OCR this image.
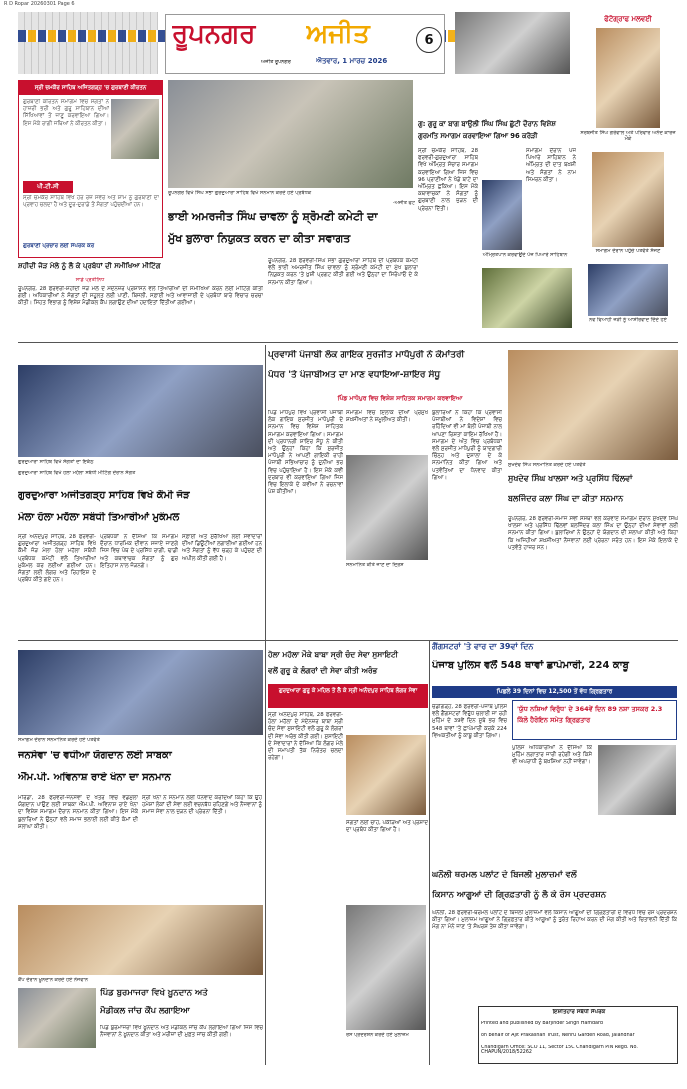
R D Ropar 20260301 Page 6
ਰੂਪਨਗਰ	ਅਜੀਤ
ਅਜੀਤ ਰੂਪਨਗਰ	ਐਤਵਾਰ, 1 ਮਾਰਚ 2026
6
ਫੋਟੋਗ੍ਰਾਫ ਮਲਵਈ
ਸਰਬਜੀਤ ਸਿੰਘ ਗਰੇਵਾਲ ਅਤੇ ਪਰਿਵਾਰ ਅਨੰਦ ਕਾਰਜ ਮੌਕੇ
ਸਮਾਗਮ ਦੌਰਾਨ ਪਹੁੰਚੇ ਪਤਵੰਤੇ ਸੱਜਣ
ਨਵ ਵਿਆਹੀ ਜੋੜੀ ਨੂੰ ਆਸ਼ੀਰਵਾਦ ਦਿੰਦੇ ਹੋਏ
ਸ੍ਰੀ ਚਮਕੌਰ ਸਾਹਿਬ ਅਜਿਤਗੜ੍ਹ 'ਚ ਗੁਰਬਾਣੀ ਕੀਰਤਨ
ਗੁਰਬਾਣੀ ਕੀਰਤਨ ਸਮਾਗਮ ਵਿਚ ਸੰਗਤਾਂ ਨੇ ਹਾਜ਼ਰੀ ਭਰੀ ਅਤੇ ਗੁਰੂ ਸਾਹਿਬਾਨ ਦੀਆਂ ਸਿੱਖਿਆਵਾਂ ਤੋਂ ਜਾਣੂ ਕਰਵਾਇਆ ਗਿਆ। ਇਸ ਮੌਕੇ ਰਾਗੀ ਜਥਿਆਂ ਨੇ ਕੀਰਤਨ ਕੀਤਾ।
ਪੀ.ਟੀ.ਸੀ
ਸ੍ਰੀ ਚਮਕੌਰ ਸਾਹਿਬ ਵਿਖੇ ਹਰ ਰੋਜ਼ ਸਵੇਰੇ ਅਤੇ ਸ਼ਾਮ ਨੂੰ ਗੁਰਬਾਣੀ ਦਾ ਪ੍ਰਵਾਹ ਚਲਦਾ ਹੈ ਅਤੇ ਦੂਰ-ਦੁਰਾਡੇ ਤੋਂ ਸੰਗਤਾਂ ਪਹੁੰਚਦੀਆਂ ਹਨ।
ਗੁਰਬਾਣੀ ਪ੍ਰਚਾਰ ਲਈ ਸੰਪਰਕ ਕਰੋ
ਸ਼ਹੀਦੀ ਜੋੜ ਮੇਲੇ ਨੂੰ ਲੈ ਕੇ ਪ੍ਰਬੰਧਾਂ ਦੀ ਸਮੀਖਿਆ ਮੀਟਿੰਗ
ਸਾਡੇ ਪ੍ਰਤੀਨਿਧ
ਰੂਪਨਗਰ, 28 ਫਰਵਰੀ-ਸ਼ਹੀਦੀ ਜੋੜ ਮੇਲੇ ਦੇ ਮੱਦੇਨਜ਼ਰ ਪ੍ਰਸ਼ਾਸਨ ਵਲੋਂ ਤਿਆਰੀਆਂ ਦੀ ਸਮੀਖਿਆ ਕਰਨ ਲਈ ਮੀਟਿੰਗ ਕੀਤੀ ਗਈ। ਅਧਿਕਾਰੀਆਂ ਨੇ ਸੰਗਤਾਂ ਦੀ ਸਹੂਲਤ ਲਈ ਪਾਣੀ, ਬਿਜਲੀ, ਸਫ਼ਾਈ ਅਤੇ ਆਵਾਜਾਈ ਦੇ ਪ੍ਰਬੰਧਾਂ ਬਾਰੇ ਵਿਚਾਰ ਚਰਚਾ ਕੀਤੀ। ਸਿਹਤ ਵਿਭਾਗ ਨੂੰ ਵਿਸ਼ੇਸ਼ ਮੈਡੀਕਲ ਕੈਂਪ ਲਗਾਉਣ ਦੀਆਂ ਹਦਾਇਤਾਂ ਦਿੱਤੀਆਂ ਗਈਆਂ।
ਰੂਪਨਗਰ ਵਿਖੇ ਸਿੰਘ ਸਭਾ ਗੁਰਦੁਆਰਾ ਸਾਹਿਬ ਵਿਖੇ ਸਨਮਾਨ ਕਰਦੇ ਹੋਏ ਪ੍ਰਬੰਧਕ
-ਅਜੀਤ ਫੋਟੋ
ਭਾਈ ਅਮਰਜੀਤ ਸਿੰਘ ਚਾਵਲਾ ਨੂੰ ਸ਼੍ਰੋਮਣੀ ਕਮੇਟੀ ਦਾ
ਮੁੱਖ ਬੁਲਾਰਾ ਨਿਯੁਕਤ ਕਰਨ ਦਾ ਕੀਤਾ ਸਵਾਗਤ
ਰੂਪਨਗਰ, 28 ਫਰਵਰੀ-ਸਿੰਘ ਸਭਾ ਗੁਰਦੁਆਰਾ ਸਾਹਿਬ ਦੀ ਪ੍ਰਬੰਧਕ ਕਮੇਟੀ ਵਲੋਂ ਭਾਈ ਅਮਰਜੀਤ ਸਿੰਘ ਚਾਵਲਾ ਨੂੰ ਸ਼੍ਰੋਮਣੀ ਕਮੇਟੀ ਦਾ ਮੁੱਖ ਬੁਲਾਰਾ ਨਿਯੁਕਤ ਕਰਨ 'ਤੇ ਖ਼ੁਸ਼ੀ ਪ੍ਰਗਟ ਕੀਤੀ ਗਈ ਅਤੇ ਉਨ੍ਹਾਂ ਦਾ ਸਿਰੋਪਾਓ ਦੇ ਕੇ ਸਨਮਾਨ ਕੀਤਾ ਗਿਆ।
ਗੁ: ਗੁਰੂ ਕਾ ਬਾਗ ਬਾਉਲੀ ਸਿੰਘ ਸਿੰਘ ਛੁੱਟੀ ਦੌਰਾਨ ਵਿਸ਼ੇਸ਼ ਗੁਰਮਤਿ ਸਮਾਗਮ ਕਰਵਾਇਆ ਗਿਆ 96 ਕਰੋੜੀ
ਸ੍ਰੀ ਚਮਕੌਰ ਸਾਹਿਬ, 28 ਫਰਵਰੀ-ਗੁਰਦੁਆਰਾ ਸਾਹਿਬ ਵਿਖੇ ਅੰਮ੍ਰਿਤ ਸੰਚਾਰ ਸਮਾਗਮ ਕਰਵਾਇਆ ਗਿਆ ਜਿਸ ਵਿਚ 96 ਪ੍ਰਾਣੀਆਂ ਨੇ ਖੰਡੇ ਬਾਟੇ ਦਾ ਅੰਮ੍ਰਿਤ ਛਕਿਆ। ਇਸ ਮੌਕੇ ਕਥਾਵਾਚਕਾਂ ਨੇ ਸੰਗਤਾਂ ਨੂੰ ਗੁਰਬਾਣੀ ਨਾਲ ਜੁੜਨ ਦੀ ਪ੍ਰੇਰਨਾ ਦਿੱਤੀ।
ਸਮਾਗਮ ਦੌਰਾਨ ਪੰਜ ਪਿਆਰੇ ਸਾਹਿਬਾਨ ਨੇ ਅੰਮ੍ਰਿਤ ਦੀ ਦਾਤ ਬਖ਼ਸ਼ੀ ਅਤੇ ਸੰਗਤਾਂ ਨੇ ਨਾਮ ਸਿਮਰਨ ਕੀਤਾ।
ਅੰਮ੍ਰਿਤਪਾਨ ਕਰਵਾਉਂਦੇ ਪੰਜ ਪਿਆਰੇ ਸਾਹਿਬਾਨ
ਗੁਰਦੁਆਰਾ ਸਾਹਿਬ ਵਿਖੇ ਸੰਗਤਾਂ ਦਾ ਇਕੱਠ
ਪ੍ਰਵਾਸੀ ਪੰਜਾਬੀ ਲੋਕ ਗਾਇਕ ਸੁਰਜੀਤ ਮਾਧੋਪੁਰੀ ਨੇ ਕੌਮਾਂਤਰੀ
ਪੱਧਰ 'ਤੇ ਪੰਜਾਬੀਅਤ ਦਾ ਮਾਣ ਵਧਾਇਆ-ਸ਼ਾਇਰ ਸੰਧੂ
ਪਿੰਡ ਮਾਧੋਪੁਰ ਵਿਚ ਵਿਸ਼ੇਸ਼ ਸਾਹਿਤਕ ਸਮਾਗਮ ਕਰਵਾਇਆ
ਪਿੰਡ ਮਾਧੋਪੁਰ ਵਿਖੇ ਪ੍ਰਵਾਸੀ ਪੰਜਾਬੀ ਲੋਕ ਗਾਇਕ ਸੁਰਜੀਤ ਮਾਧੋਪੁਰੀ ਦੇ ਸਨਮਾਨ ਵਿਚ ਵਿਸ਼ੇਸ਼ ਸਾਹਿਤਕ ਸਮਾਗਮ ਕਰਵਾਇਆ ਗਿਆ। ਸਮਾਗਮ ਦੀ ਪ੍ਰਧਾਨਗੀ ਸ਼ਾਇਰ ਸੰਧੂ ਨੇ ਕੀਤੀ ਅਤੇ ਉਨ੍ਹਾਂ ਕਿਹਾ ਕਿ ਸੁਰਜੀਤ ਮਾਧੋਪੁਰੀ ਨੇ ਆਪਣੀ ਗਾਇਕੀ ਰਾਹੀਂ ਪੰਜਾਬੀ ਸਭਿਆਚਾਰ ਨੂੰ ਦੁਨੀਆ ਭਰ ਵਿਚ ਪਹੁੰਚਾਇਆ ਹੈ। ਇਸ ਮੌਕੇ ਕਵੀ ਦਰਬਾਰ ਵੀ ਕਰਵਾਇਆ ਗਿਆ ਜਿਸ ਵਿਚ ਇਲਾਕੇ ਦੇ ਕਵੀਆਂ ਨੇ ਰਚਨਾਵਾਂ ਪੇਸ਼ ਕੀਤੀਆਂ।
ਸਨਮਾਨਿਤ ਕੀਤੇ ਜਾਣ ਦਾ ਦ੍ਰਿਸ਼
ਸਮਾਗਮ ਵਿਚ ਇਲਾਕੇ ਦੀਆਂ ਪ੍ਰਮੁੱਖ ਸ਼ਖ਼ਸੀਅਤਾਂ ਨੇ ਸ਼ਮੂਲੀਅਤ ਕੀਤੀ।
ਬੁਲਾਰਿਆਂ ਨੇ ਕਿਹਾ ਕਿ ਪ੍ਰਵਾਸੀ ਪੰਜਾਬੀਆਂ ਨੇ ਵਿਦੇਸ਼ਾਂ ਵਿਚ ਰਹਿੰਦਿਆਂ ਵੀ ਮਾਂ ਬੋਲੀ ਪੰਜਾਬੀ ਨਾਲ ਆਪਣਾ ਰਿਸ਼ਤਾ ਕਾਇਮ ਰੱਖਿਆ ਹੈ। ਸਮਾਗਮ ਦੇ ਅੰਤ ਵਿਚ ਪ੍ਰਬੰਧਕਾਂ ਵਲੋਂ ਸੁਰਜੀਤ ਮਾਧੋਪੁਰੀ ਨੂੰ ਯਾਦਗਾਰੀ ਚਿੰਨ੍ਹ ਅਤੇ ਦੁਸ਼ਾਲਾ ਦੇ ਕੇ ਸਨਮਾਨਿਤ ਕੀਤਾ ਗਿਆ ਅਤੇ ਪਤਵੰਤਿਆਂ ਦਾ ਧੰਨਵਾਦ ਕੀਤਾ ਗਿਆ।
ਸੁਖਦੇਵ ਸਿੰਘ ਸਨਮਾਨਿਤ ਕਰਦੇ ਹੋਏ ਪਤਵੰਤੇ
ਸੁਖਦੇਵ ਸਿੰਘ ਖਾਲਸਾ ਅਤੇ ਪ੍ਰਸਿੱਧ ਢਿੱਲਵਾਂ
ਬਲਜਿੰਦਰ ਕਲਾ ਸਿੰਘ ਦਾ ਕੀਤਾ ਸਨਮਾਨ
ਰੂਪਨਗਰ, 28 ਫਰਵਰੀ-ਸਮਾਜ ਸੇਵੀ ਸੰਸਥਾ ਵਲੋਂ ਕਰਵਾਏ ਸਮਾਗਮ ਦੌਰਾਨ ਸੁਖਦੇਵ ਸਿੰਘ ਖਾਲਸਾ ਅਤੇ ਪ੍ਰਸਿੱਧ ਢਿੱਲਵਾਂ ਬਲਜਿੰਦਰ ਕਲਾ ਸਿੰਘ ਦਾ ਉਨ੍ਹਾਂ ਦੀਆਂ ਸੇਵਾਵਾਂ ਲਈ ਸਨਮਾਨ ਕੀਤਾ ਗਿਆ। ਬੁਲਾਰਿਆਂ ਨੇ ਉਨ੍ਹਾਂ ਦੇ ਯੋਗਦਾਨ ਦੀ ਸ਼ਲਾਘਾ ਕੀਤੀ ਅਤੇ ਕਿਹਾ ਕਿ ਅਜਿਹੀਆਂ ਸ਼ਖ਼ਸੀਅਤਾਂ ਨੌਜਵਾਨਾਂ ਲਈ ਪ੍ਰੇਰਨਾ ਸਰੋਤ ਹਨ। ਇਸ ਮੌਕੇ ਇਲਾਕੇ ਦੇ ਪਤਵੰਤੇ ਹਾਜ਼ਰ ਸਨ।
ਗੁਰਦੁਆਰਾ ਅਜੀਤਗੜ੍ਹ ਸਾਹਿਬ ਵਿਖੇ ਕੌਮੀ ਜੋੜ
ਮੇਲਾ ਹੋਲਾ ਮਹੱਲਾ ਸਬੰਧੀ ਤਿਆਰੀਆਂ ਮੁਕੰਮਲ
ਗੁਰਦੁਆਰਾ ਸਾਹਿਬ ਵਿਖੇ ਹੋਲਾ ਮਹੱਲਾ ਸਬੰਧੀ ਮੀਟਿੰਗ ਦੌਰਾਨ ਸੰਗਤ
ਸ੍ਰੀ ਅਨੰਦਪੁਰ ਸਾਹਿਬ, 28 ਫਰਵਰੀ-ਗੁਰਦੁਆਰਾ ਅਜੀਤਗੜ੍ਹ ਸਾਹਿਬ ਵਿਖੇ ਕੌਮੀ ਜੋੜ ਮੇਲਾ ਹੋਲਾ ਮਹੱਲਾ ਸਬੰਧੀ ਪ੍ਰਬੰਧਕ ਕਮੇਟੀ ਵਲੋਂ ਤਿਆਰੀਆਂ ਮੁਕੰਮਲ ਕਰ ਲਈਆਂ ਗਈਆਂ ਹਨ। ਸੰਗਤਾਂ ਲਈ ਲੰਗਰ ਅਤੇ ਰਿਹਾਇਸ਼ ਦੇ ਪ੍ਰਬੰਧ ਕੀਤੇ ਗਏ ਹਨ।
ਪ੍ਰਬੰਧਕਾਂ ਨੇ ਦੱਸਿਆ ਕਿ ਸਮਾਗਮ ਦੌਰਾਨ ਧਾਰਮਿਕ ਦੀਵਾਨ ਸਜਾਏ ਜਾਣਗੇ ਜਿਸ ਵਿਚ ਪੰਥ ਦੇ ਪ੍ਰਸਿੱਧ ਰਾਗੀ, ਢਾਡੀ ਅਤੇ ਕਥਾਵਾਚਕ ਸੰਗਤਾਂ ਨੂੰ ਗੁਰ ਇਤਿਹਾਸ ਨਾਲ ਜੋੜਨਗੇ।
ਸਫ਼ਾਈ ਅਤੇ ਸੁਰੱਖਿਆ ਲਈ ਸੇਵਾਦਾਰਾਂ ਦੀਆਂ ਡਿਊਟੀਆਂ ਲਗਾਈਆਂ ਗਈਆਂ ਹਨ ਅਤੇ ਸੰਗਤਾਂ ਨੂੰ ਵੱਧ ਚੜ੍ਹ ਕੇ ਪਹੁੰਚਣ ਦੀ ਅਪੀਲ ਕੀਤੀ ਗਈ ਹੈ।
ਗੈਂਗਸਟਰਾਂ 'ਤੇ ਵਾਰ ਦਾ 39ਵਾਂ ਦਿਨ
ਪੰਜਾਬ ਪੁਲਿਸ ਵਲੋਂ 548 ਥਾਵਾਂ ਛਾਪੇਮਾਰੀ, 224 ਕਾਬੂ
ਪਿਛਲੇ 39 ਦਿਨਾਂ ਵਿਚ 12,500 ਤੋਂ ਵੱਧ ਗ੍ਰਿਫ਼ਤਾਰ
ਚੰਡੀਗੜ੍ਹ, 28 ਫਰਵਰੀ-ਪੰਜਾਬ ਪੁਲਿਸ ਵਲੋਂ ਗੈਂਗਸਟਰਾਂ ਵਿਰੁੱਧ ਚਲਾਈ ਜਾ ਰਹੀ ਮੁਹਿੰਮ ਦੇ 39ਵੇਂ ਦਿਨ ਸੂਬੇ ਭਰ ਵਿਚ 548 ਥਾਵਾਂ 'ਤੇ ਛਾਪੇਮਾਰੀ ਕਰਕੇ 224 ਵਿਅਕਤੀਆਂ ਨੂੰ ਕਾਬੂ ਕੀਤਾ ਗਿਆ।
'ਯੁੱਧ ਨਸ਼ਿਆਂ ਵਿਰੁੱਧ' ਦੇ 364ਵੇਂ ਦਿਨ 89 ਨਸ਼ਾ ਤਸਕਰ 2.3 ਕਿੱਲੋ ਹੈਰੋਇਨ ਸਮੇਤ ਗ੍ਰਿਫ਼ਤਾਰ
ਪੁਲਿਸ ਅਧਿਕਾਰੀਆਂ ਨੇ ਦੱਸਿਆ ਕਿ ਮੁਹਿੰਮ ਲਗਾਤਾਰ ਜਾਰੀ ਰਹੇਗੀ ਅਤੇ ਕਿਸੇ ਵੀ ਅਪਰਾਧੀ ਨੂੰ ਬਖ਼ਸ਼ਿਆ ਨਹੀਂ ਜਾਵੇਗਾ।
ਸਮਾਗਮ ਦੌਰਾਨ ਸਨਮਾਨਿਤ ਕਰਦੇ ਹੋਏ ਪਤਵੰਤੇ
ਜਨਸੇਵਾ 'ਚ ਵਧੀਆ ਯੋਗਦਾਨ ਲਈ ਸਾਬਕਾ
ਐੱਮ.ਪੀ. ਅਵਿਨਾਸ਼ ਰਾਏ ਖੰਨਾ ਦਾ ਸਨਮਾਨ
ਮੋਰਿੰਡਾ, 28 ਫਰਵਰੀ-ਜਨਸੇਵਾ ਦੇ ਖੇਤਰ ਵਿਚ ਵਡਮੁੱਲਾ ਯੋਗਦਾਨ ਪਾਉਣ ਲਈ ਸਾਬਕਾ ਐੱਮ.ਪੀ. ਅਵਿਨਾਸ਼ ਰਾਏ ਖੰਨਾ ਦਾ ਵਿਸ਼ੇਸ਼ ਸਮਾਗਮ ਦੌਰਾਨ ਸਨਮਾਨ ਕੀਤਾ ਗਿਆ। ਇਸ ਮੌਕੇ ਬੁਲਾਰਿਆਂ ਨੇ ਉਨ੍ਹਾਂ ਵਲੋਂ ਸਮਾਜ ਭਲਾਈ ਲਈ ਕੀਤੇ ਕੰਮਾਂ ਦੀ ਸ਼ਲਾਘਾ ਕੀਤੀ।
ਸ੍ਰੀ ਖੰਨਾ ਨੇ ਸਨਮਾਨ ਲਈ ਧੰਨਵਾਦ ਕਰਦਿਆਂ ਕਿਹਾ ਕਿ ਉਹ ਹਮੇਸ਼ਾਂ ਲੋਕਾਂ ਦੀ ਸੇਵਾ ਲਈ ਵਚਨਬੱਧ ਰਹਿਣਗੇ ਅਤੇ ਨੌਜਵਾਨਾਂ ਨੂੰ ਸਮਾਜ ਸੇਵਾ ਨਾਲ ਜੁੜਨ ਦੀ ਪ੍ਰੇਰਨਾ ਦਿੱਤੀ।
ਹੋਲਾ ਮਹੱਲਾ ਮੌਕੇ ਬਾਬਾ ਸ੍ਰੀ ਚੰਦ ਸੇਵਾ ਸੁਸਾਇਟੀ
ਵਲੋਂ ਗੁਰੂ ਕੇ ਲੰਗਰਾਂ ਦੀ ਸੇਵਾ ਕੀਤੀ ਅਰੰਭ
ਗੁਰਦੁਆਰਾ ਗੁਰੂ ਕੇ ਮਹਿਲ ਤੋਂ ਲੈ ਕੇ ਸ੍ਰੀ ਅਨੰਦਪੁਰ ਸਾਹਿਬ ਲੰਗਰ ਸੇਵਾ
ਸ੍ਰੀ ਅਨੰਦਪੁਰ ਸਾਹਿਬ, 28 ਫਰਵਰੀ-ਹੋਲਾ ਮਹੱਲਾ ਦੇ ਮੱਦੇਨਜ਼ਰ ਬਾਬਾ ਸ੍ਰੀ ਚੰਦ ਸੇਵਾ ਸੁਸਾਇਟੀ ਵਲੋਂ ਗੁਰੂ ਕੇ ਲੰਗਰਾਂ ਦੀ ਸੇਵਾ ਅਰੰਭ ਕੀਤੀ ਗਈ। ਸੁਸਾਇਟੀ ਦੇ ਸੇਵਾਦਾਰਾਂ ਨੇ ਦੱਸਿਆ ਕਿ ਲੰਗਰ ਮੇਲੇ ਦੀ ਸਮਾਪਤੀ ਤੱਕ ਨਿਰੰਤਰ ਚਲਦਾ ਰਹੇਗਾ।
ਸੰਗਤਾਂ ਲਈ ਚਾਹ, ਪਕੌੜਿਆਂ ਅਤੇ ਪ੍ਰਸ਼ਾਦੇ ਦਾ ਪ੍ਰਬੰਧ ਕੀਤਾ ਗਿਆ ਹੈ।
ਕੈਂਪ ਦੌਰਾਨ ਖ਼ੂਨਦਾਨ ਕਰਦੇ ਹੋਏ ਨੌਜਵਾਨ
ਪਿੰਡ ਬੁਰਮਾਜਰਾ ਵਿਖੇ ਖ਼ੂਨਦਾਨ ਅਤੇ
ਮੈਡੀਕਲ ਜਾਂਚ ਕੈਂਪ ਲਗਾਇਆ
ਪਿੰਡ ਬੁਰਮਾਜਰਾ ਵਿਖੇ ਖ਼ੂਨਦਾਨ ਅਤੇ ਮੈਡੀਕਲ ਜਾਂਚ ਕੈਂਪ ਲਗਾਇਆ ਗਿਆ ਜਿਸ ਵਿਚ ਨੌਜਵਾਨਾਂ ਨੇ ਖ਼ੂਨਦਾਨ ਕੀਤਾ ਅਤੇ ਮਰੀਜ਼ਾਂ ਦੀ ਮੁਫ਼ਤ ਜਾਂਚ ਕੀਤੀ ਗਈ।
ਘਨੌਲੀ ਥਰਮਲ ਪਲਾਂਟ ਦੇ ਬਿਜਲੀ ਮੁਲਾਜ਼ਮਾਂ ਵਲੋਂ
ਕਿਸਾਨ ਆਗੂਆਂ ਦੀ ਗ੍ਰਿਫ਼ਤਾਰੀ ਨੂੰ ਲੈ ਕੇ ਰੋਸ ਪ੍ਰਦਰਸ਼ਨ
ਘਨੌਲੀ, 28 ਫਰਵਰੀ-ਥਰਮਲ ਪਲਾਂਟ ਦੇ ਬਿਜਲੀ ਮੁਲਾਜ਼ਮਾਂ ਵਲੋਂ ਕਿਸਾਨ ਆਗੂਆਂ ਦੀ ਗ੍ਰਿਫ਼ਤਾਰੀ ਦੇ ਵਿਰੋਧ ਵਿਚ ਰੋਸ ਪ੍ਰਦਰਸ਼ਨ ਕੀਤਾ ਗਿਆ। ਮੁਲਾਜ਼ਮ ਆਗੂਆਂ ਨੇ ਗ੍ਰਿਫ਼ਤਾਰ ਕੀਤੇ ਆਗੂਆਂ ਨੂੰ ਤੁਰੰਤ ਰਿਹਾਅ ਕਰਨ ਦੀ ਮੰਗ ਕੀਤੀ ਅਤੇ ਚਿਤਾਵਨੀ ਦਿੱਤੀ ਕਿ ਮੰਗ ਨਾ ਮੰਨੇ ਜਾਣ 'ਤੇ ਸੰਘਰਸ਼ ਤੇਜ਼ ਕੀਤਾ ਜਾਵੇਗਾ।
ਰੋਸ ਪ੍ਰਦਰਸ਼ਨ ਕਰਦੇ ਹੋਏ ਮੁਲਾਜ਼ਮ
ਇਸ਼ਤਿਹਾਰ ਸਬੰਧੀ ਸੰਪਰਕ
Printed and published by Barjinder Singh Hamdard
on behalf of Ajit Prakashan Trust, Nehru Garden Road, Jalandhar
Chandigarh Office: SCO 11, Sector 15C Chandigarh PIN Regd. No. CHAPUN/2018/52262
